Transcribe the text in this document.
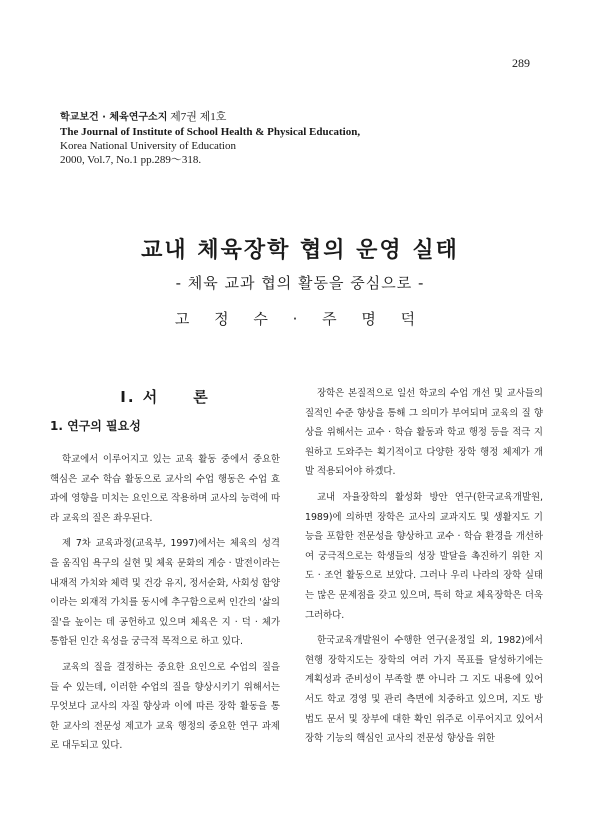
289
학교보건 · 체육연구소지 제7권 제1호
The Journal of Institute of School Health & Physical Education,
Korea National University of Education
2000, Vol.7, No.1 pp.289～318.
교내 체육장학 협의 운영 실태
- 체육 교과 협의 활동을 중심으로 -
고 정 수 · 주 명 덕
I. 서　　론
1. 연구의 필요성

학교에서 이루어지고 있는 교육 활동 중에서 중요한 핵심은 교수 학습 활동으로 교사의 수업 행동은 수업 효과에 영향을 미치는 요인으로 작용하며 교사의 능력에 따라 교육의 질은 좌우된다.

제 7차 교육과정(교육부, 1997)에서는 체육의 성격을 움직임 욕구의 실현 및 체육 문화의 계승 · 발전이라는 내재적 가치와 체력 및 건강 유지, 정서순화, 사회성 함양이라는 외재적 가치를 동시에 추구함으로써 인간의 '삶의 질'을 높이는 데 공헌하고 있으며 체육은 지 · 덕 · 체가 통합된 인간 육성을 궁극적 목적으로 하고 있다.

교육의 질을 결정하는 중요한 요인으로 수업의 질을 들 수 있는데, 이러한 수업의 질을 향상시키기 위해서는 무엇보다 교사의 자질 향상과 이에 따른 장학 활동을 통한 교사의 전문성 제고가 교육 행정의 중요한 연구 과제로 대두되고 있다.

장학은 본질적으로 일선 학교의 수업 개선 및 교사들의 질적인 수준 향상을 통해 그 의미가 부여되며 교육의 질 향상을 위해서는 교수 · 학습 활동과 학교 행정 등을 적극 지원하고 도와주는 획기적이고 다양한 장학 행정 체제가 개발 적용되어야 하겠다.

교내 자율장학의 활성화 방안 연구(한국교육개발원, 1989)에 의하면 장학은 교사의 교과지도 및 생활지도 기능을 포함한 전문성을 향상하고 교수 · 학습 환경을 개선하여 궁극적으로는 학생들의 성장 발달을 촉진하기 위한 지도 · 조언 활동으로 보았다. 그러나 우리 나라의 장학 실태는 많은 문제점을 갖고 있으며, 특히 학교 체육장학은 더욱 그러하다.

한국교육개발원이 수행한 연구(윤정일 외, 1982)에서 현행 장학지도는 장학의 여러 가지 목표를 달성하기에는 계획성과 준비성이 부족할 뿐 아니라 그 지도 내용에 있어서도 학교 경영 및 관리 측면에 치중하고 있으며, 지도 방법도 문서 및 장부에 대한 확인 위주로 이루어지고 있어서 장학 기능의 핵심인 교사의 전문성 향상을 위한
